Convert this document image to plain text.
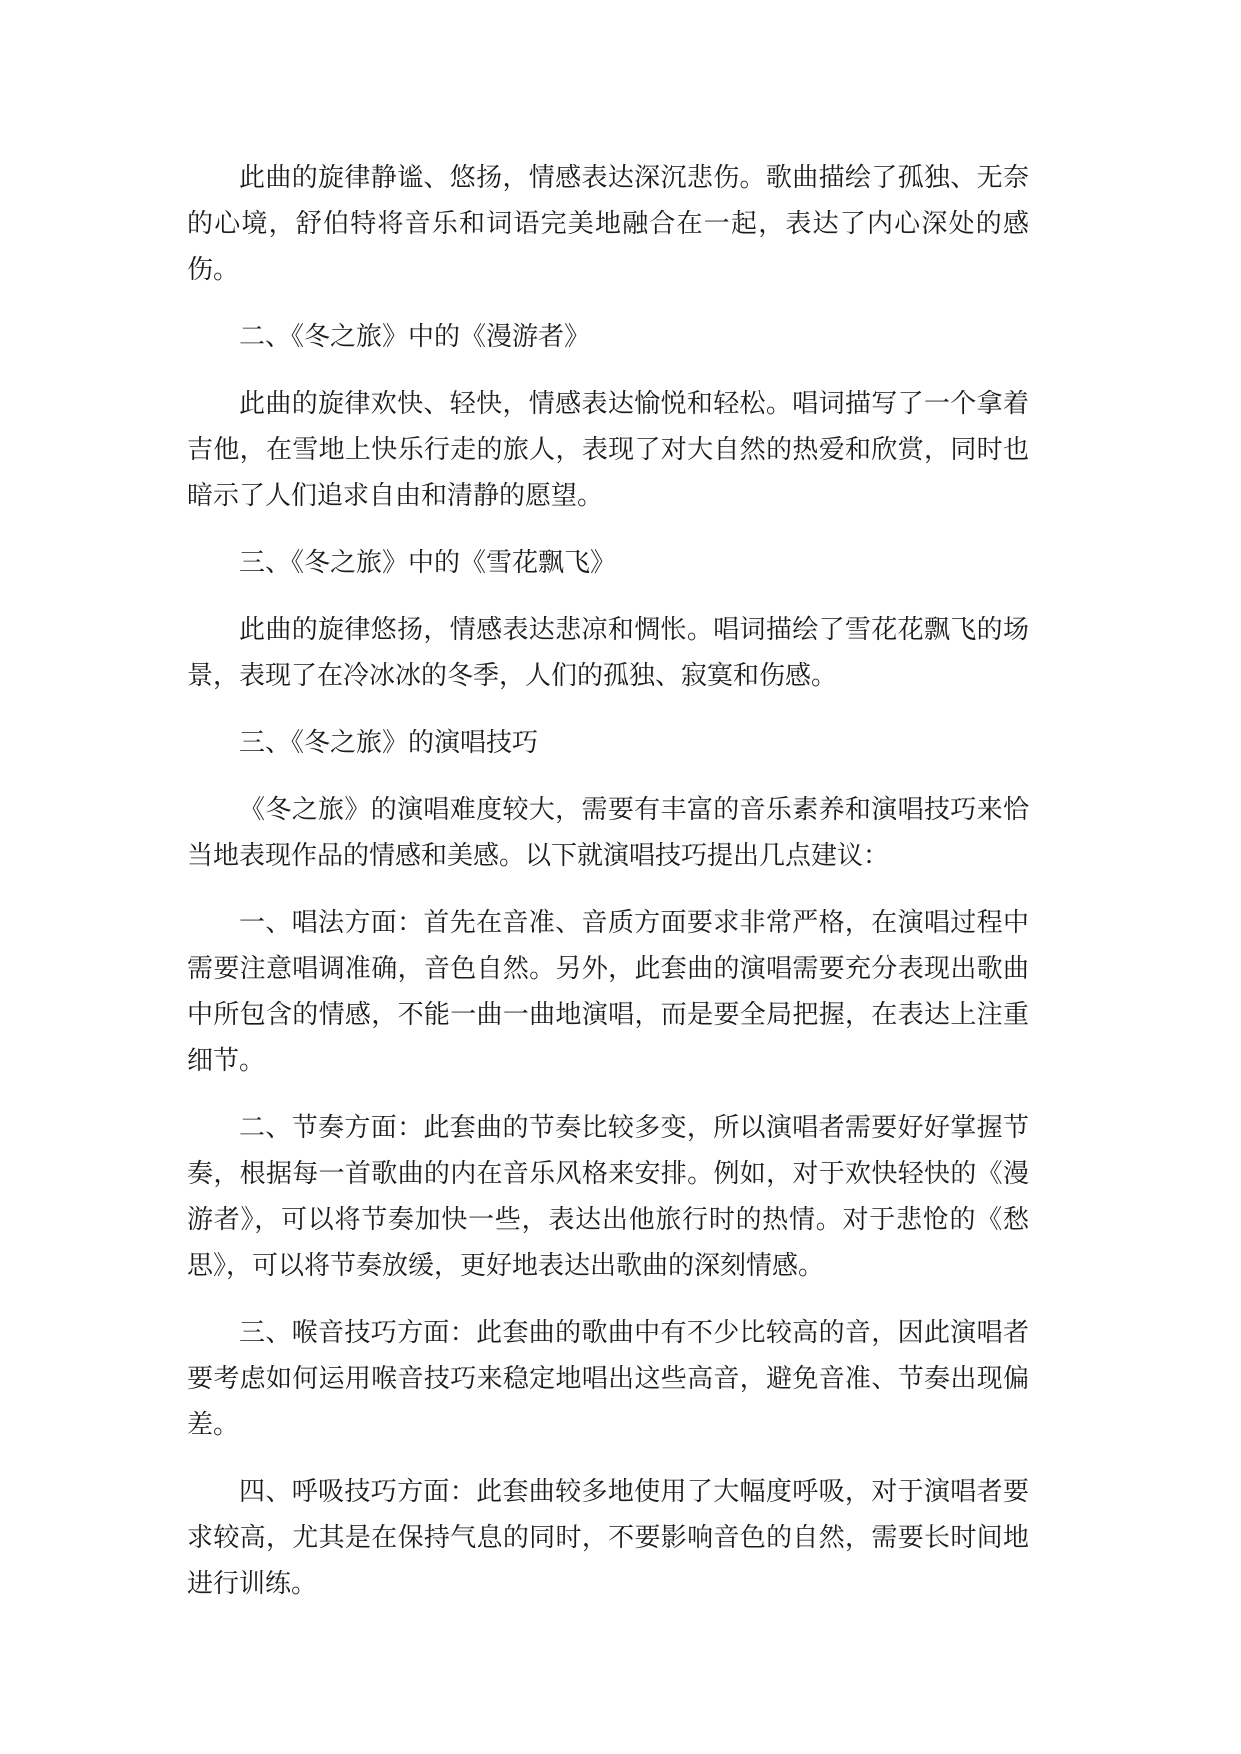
此曲的旋律静谧、悠扬，情感表达深沉悲伤。歌曲描绘了孤独、无奈的心境，舒伯特将音乐和词语完美地融合在一起，表达了内心深处的感伤。

二、《冬之旅》中的《漫游者》

此曲的旋律欢快、轻快，情感表达愉悦和轻松。唱词描写了一个拿着吉他，在雪地上快乐行走的旅人，表现了对大自然的热爱和欣赏，同时也暗示了人们追求自由和清静的愿望。

三、《冬之旅》中的《雪花飘飞》

此曲的旋律悠扬，情感表达悲凉和惆怅。唱词描绘了雪花花飘飞的场景，表现了在冷冰冰的冬季，人们的孤独、寂寞和伤感。

三、《冬之旅》的演唱技巧

《冬之旅》的演唱难度较大，需要有丰富的音乐素养和演唱技巧来恰当地表现作品的情感和美感。以下就演唱技巧提出几点建议：

一、唱法方面：首先在音准、音质方面要求非常严格，在演唱过程中需要注意唱调准确，音色自然。另外，此套曲的演唱需要充分表现出歌曲中所包含的情感，不能一曲一曲地演唱，而是要全局把握，在表达上注重细节。

二、节奏方面：此套曲的节奏比较多变，所以演唱者需要好好掌握节奏，根据每一首歌曲的内在音乐风格来安排。例如，对于欢快轻快的《漫游者》，可以将节奏加快一些，表达出他旅行时的热情。对于悲怆的《愁思》，可以将节奏放缓，更好地表达出歌曲的深刻情感。

三、喉音技巧方面：此套曲的歌曲中有不少比较高的音，因此演唱者要考虑如何运用喉音技巧来稳定地唱出这些高音，避免音准、节奏出现偏差。

四、呼吸技巧方面：此套曲较多地使用了大幅度呼吸，对于演唱者要求较高，尤其是在保持气息的同时，不要影响音色的自然，需要长时间地进行训练。
